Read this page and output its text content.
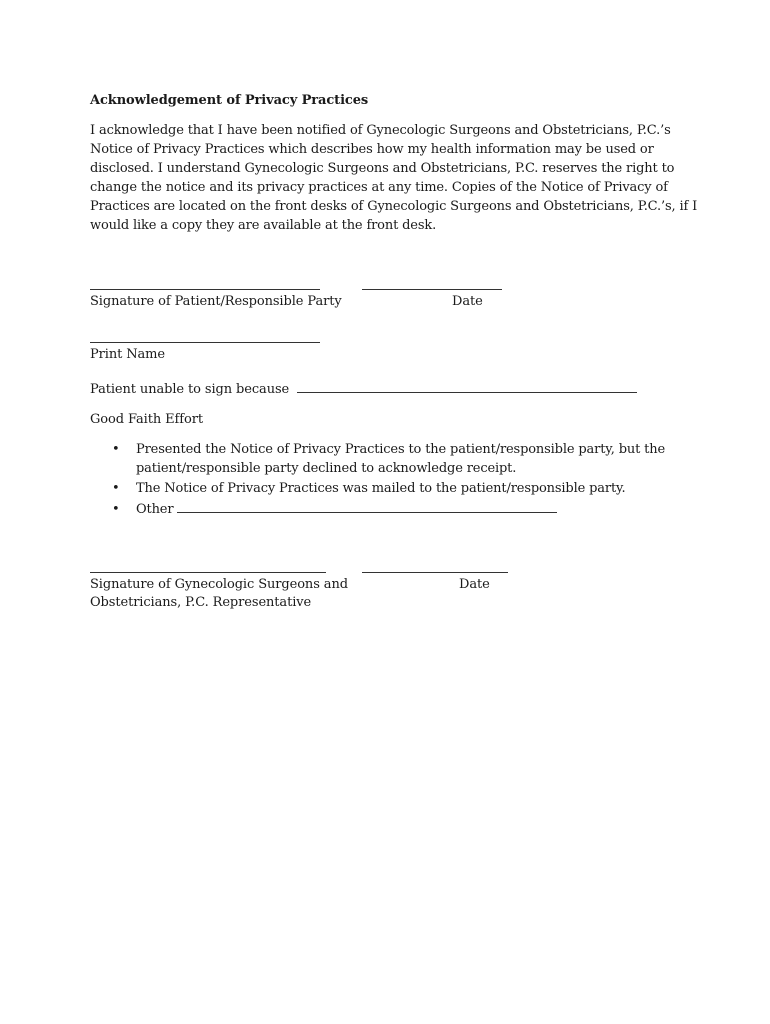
Acknowledgement of Privacy Practices
I acknowledge that I have been notified of Gynecologic Surgeons and Obstetricians, P.C.’s
Notice of Privacy Practices which describes how my health information may be used or
disclosed. I understand Gynecologic Surgeons and Obstetricians, P.C. reserves the right to
change the notice and its privacy practices at any time. Copies of the Notice of Privacy of
Practices are located on the front desks of Gynecologic Surgeons and Obstetricians, P.C.’s, if I
would like a copy they are available at the front desk.
Signature of Patient/Responsible Party	Date
Print Name
Patient unable to sign because
Good Faith Effort
• Presented the Notice of Privacy Practices to the patient/responsible party, but the
patient/responsible party declined to acknowledge receipt.
• The Notice of Privacy Practices was mailed to the patient/responsible party.
• Other
Signature of Gynecologic Surgeons and	Date
Obstetricians, P.C. Representative
